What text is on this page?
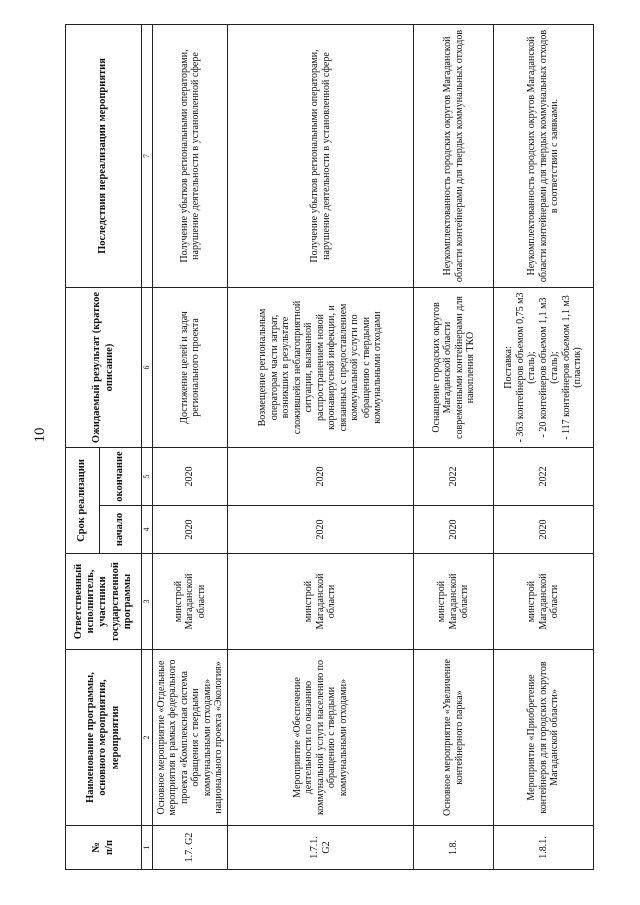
10
№
п/п	Наименование программы, основного мероприятия, мероприятия	Ответственный исполнитель, участники государственной программы	Срок реализации		Ожидаемый результат (краткое описание)	Последствия нереализации мероприятия
			начало	окончание		
1	2	3	4	5	6	7
1.7. G2	Основное мероприятие «Отдельные мероприятия в рамках федерального проекта «Комплексная система обращения с твердыми коммунальными отходами» национального проекта «Экология»	минстрой Магаданской области	2020	2020	Достижение целей и задач регионального проекта	Получение убытков региональными операторами, нарушение деятельности в установленной сфере
1.7.1. G2	Мероприятие «Обеспечение деятельности по оказанию коммунальной услуги населению по обращению с твердыми коммунальными отходами»	минстрой Магаданской области	2020	2020	Возмещение региональным операторам части затрат, возникших в результате сложившейся неблагоприятной ситуации, вызванной распространением новой коронавирусной инфекции, и связанных с предоставлением коммунальной услуги по обращению с твердыми коммунальными отходами	Получение убытков региональными операторами, нарушение деятельности в установленной сфере
1.8.	Основное мероприятие «Увеличение контейнерного парка»	минстрой Магаданской области	2020	2022	Оснащение городских округов Магаданской области современными контейнерами для накопления ТКО	Неукомплектованность городских округов Магаданской области контейнерами для твердых коммунальных отходов
1.8.1.	Мероприятие «Приобретение контейнеров для городских округов Магаданской области»	минстрой Магаданской области	2020	2022	Поставка:
- 363 контейнеров объемом 0,75 м3 (сталь);
- 20 контейнеров объемом 1,1 м3 (сталь);
- 117 контейнеров объемом 1,1 м3 (пластик)	Неукомплектованность городских округов Магаданской области контейнерами для твердых коммунальных отходов в соответствии с заявками.
